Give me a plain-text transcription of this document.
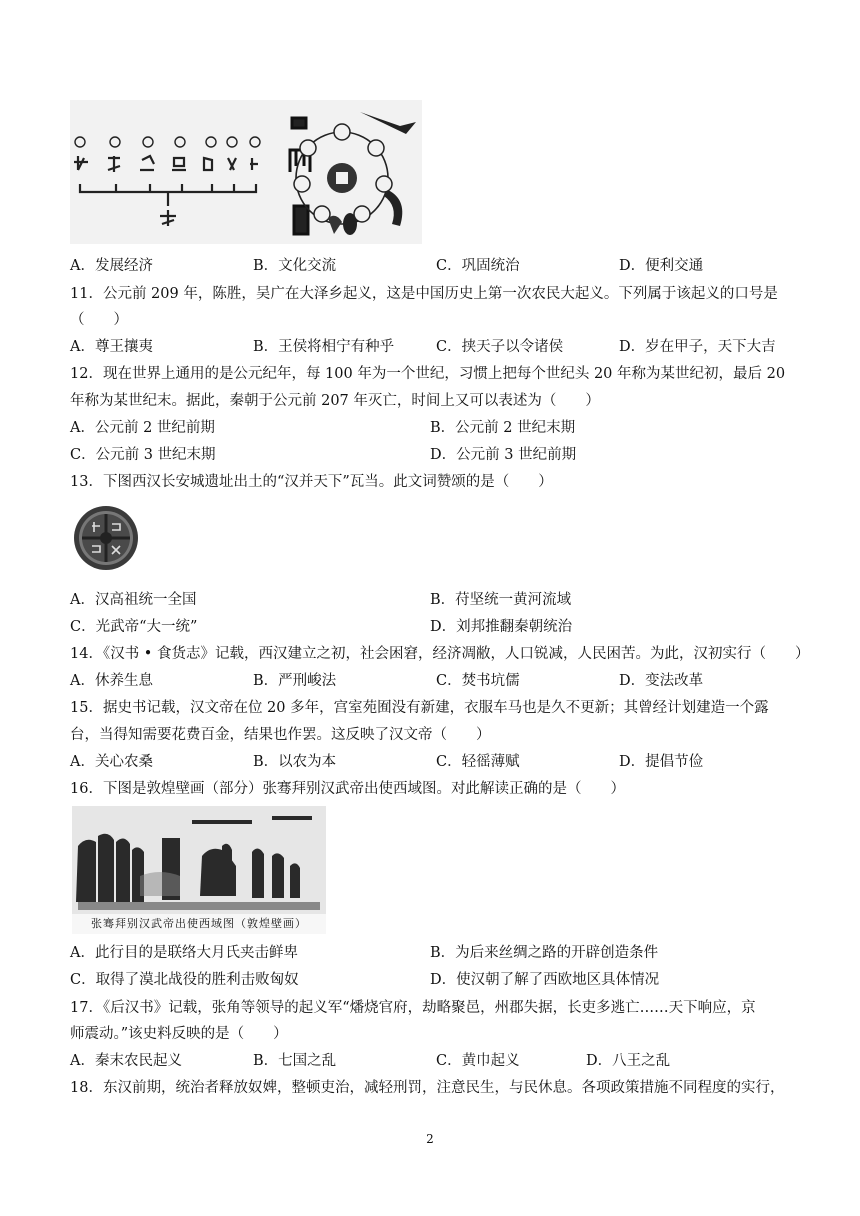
A．发展经济	B．文化交流	C．巩固统治	D．便利交通
11．公元前 209 年，陈胜，吴广在大泽乡起义，这是中国历史上第一次农民大起义。下列属于该起义的口号是
（　　）
A．尊王攘夷	B．王侯将相宁有种乎	C．挟天子以令诸侯	D．岁在甲子，天下大吉
12．现在世界上通用的是公元纪年，每 100 年为一个世纪，习惯上把每个世纪头 20 年称为某世纪初，最后 20
年称为某世纪末。据此，秦朝于公元前 207 年灭亡，时间上又可以表述为（　　）
A．公元前 2 世纪前期	B．公元前 2 世纪末期
C．公元前 3 世纪末期	D．公元前 3 世纪前期
13．下图西汉长安城遗址出土的“汉并天下”瓦当。此文词赞颂的是（　　）
A．汉高祖统一全国	B．苻坚统一黄河流域
C．光武帝“大一统”	D．刘邦推翻秦朝统治
14．《汉书 • 食货志》记载，西汉建立之初，社会困窘，经济凋敝，人口锐减，人民困苦。为此，汉初实行（　　）
A．休养生息	B．严刑峻法	C．焚书坑儒	D．变法改革
15．据史书记载，汉文帝在位 20 多年，宫室苑囿没有新建，衣服车马也是久不更新；其曾经计划建造一个露
台，当得知需要花费百金，结果也作罢。这反映了汉文帝（　　）
A．关心农桑	B．以农为本	C．轻徭薄赋	D．提倡节俭
16．下图是敦煌壁画（部分）张骞拜别汉武帝出使西域图。对此解读正确的是（　　）
张骞拜别汉武帝出使西域图（敦煌壁画）
A．此行目的是联络大月氏夹击鲜卑	B．为后来丝绸之路的开辟创造条件
C．取得了漠北战役的胜利击败匈奴	D．使汉朝了解了西欧地区具体情况
17．《后汉书》记载，张角等领导的起义军“燔烧官府，劫略聚邑，州郡失据，长吏多逃亡……天下响应，京
师震动。”该史料反映的是（　　）
A．秦末农民起义	B．七国之乱	C．黄巾起义	D．八王之乱
18．东汉前期，统治者释放奴婢，整顿吏治，减轻刑罚，注意民生，与民休息。各项政策措施不同程度的实行，
2
